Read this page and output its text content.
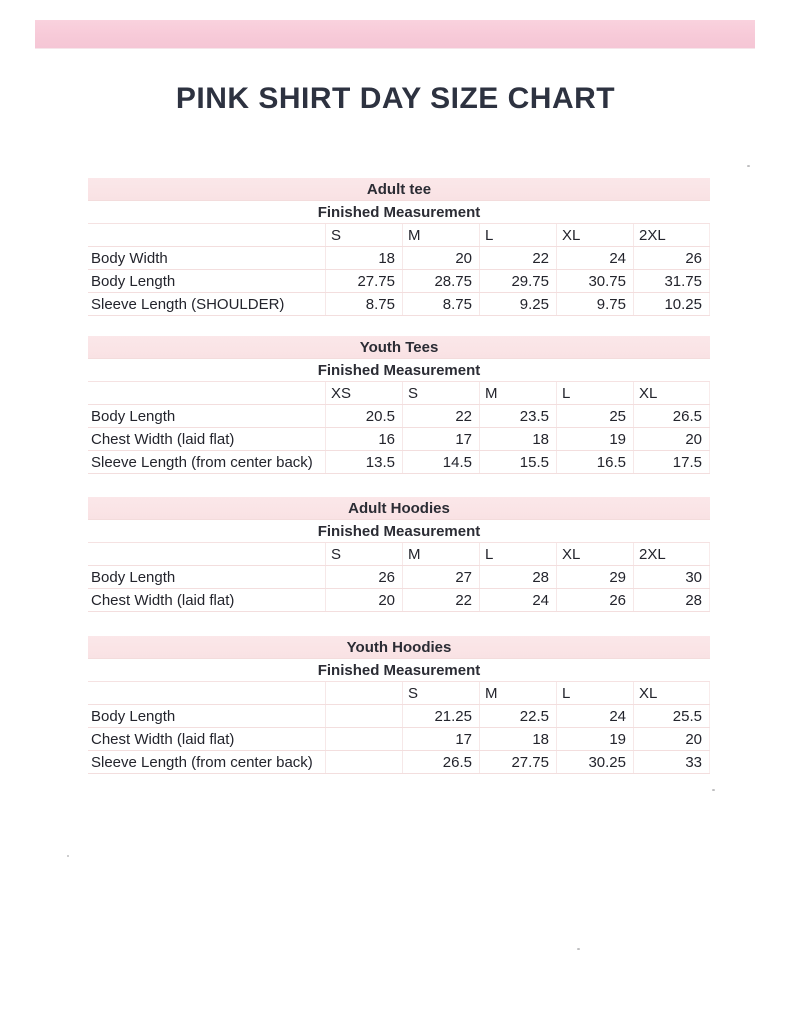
PINK SHIRT DAY SIZE CHART
Adult tee
Finished Measurement
S	M	L	XL	2XL
Body Width	18	20	22	24	26
Body Length	27.75	28.75	29.75	30.75	31.75
Sleeve Length (SHOULDER)	8.75	8.75	9.25	9.75	10.25
Youth Tees
Finished Measurement
XS	S	M	L	XL
Body Length	20.5	22	23.5	25	26.5
Chest Width (laid flat)	16	17	18	19	20
Sleeve Length (from center back)	13.5	14.5	15.5	16.5	17.5
Adult Hoodies
Finished Measurement
S	M	L	XL	2XL
Body Length	26	27	28	29	30
Chest Width (laid flat)	20	22	24	26	28
Youth Hoodies
Finished Measurement
S	M	L	XL
Body Length	21.25	22.5	24	25.5
Chest Width (laid flat)	17	18	19	20
Sleeve Length (from center back)	26.5	27.75	30.25	33
